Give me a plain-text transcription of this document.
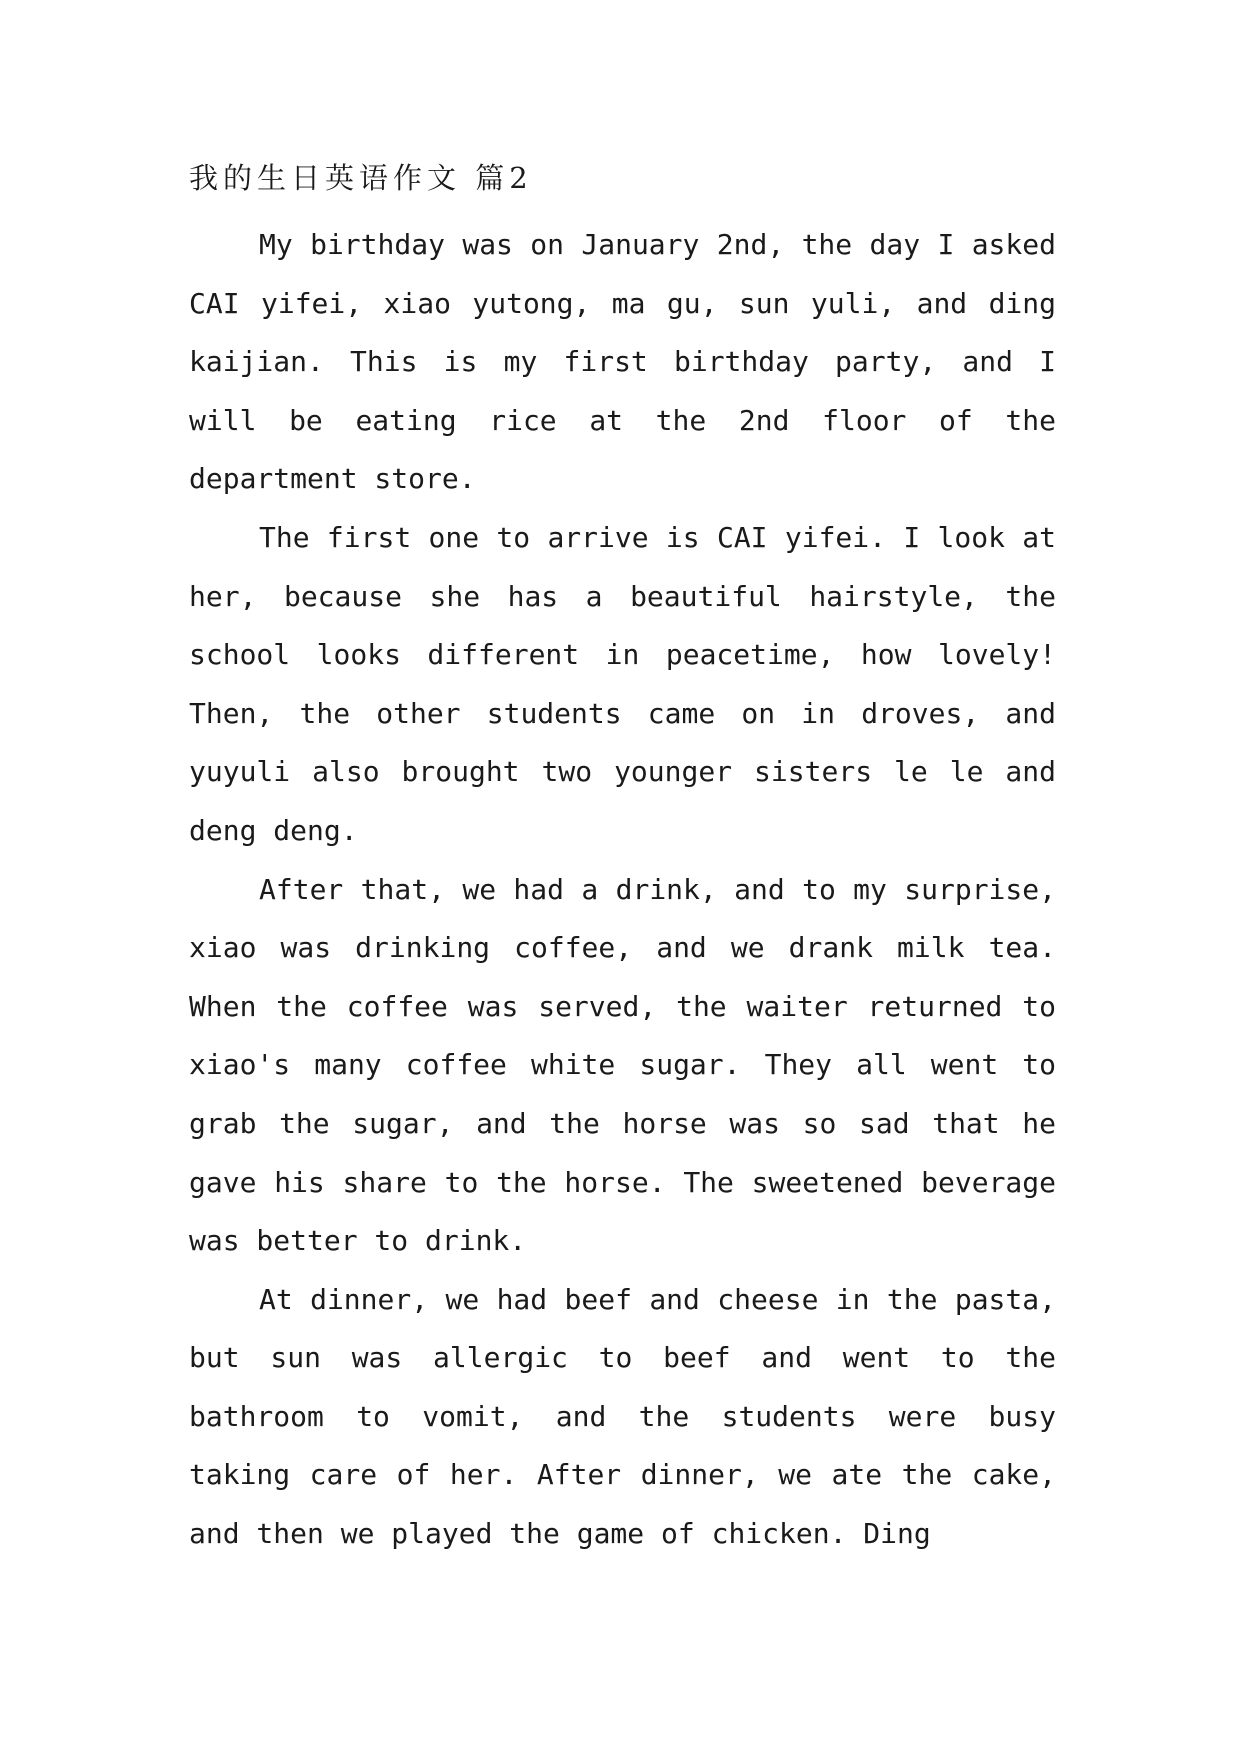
我的生日英语作文 篇2

My birthday was on January 2nd, the day I asked CAI yifei, xiao yutong, ma gu, sun yuli, and ding kaijian. This is my first birthday party, and I will be eating rice at the 2nd floor of the department store.

The first one to arrive is CAI yifei. I look at her, because she has a beautiful hairstyle, the school looks different in peacetime, how lovely! Then, the other students came on in droves, and yuyuli also brought two younger sisters le le and deng deng.

After that, we had a drink, and to my surprise, xiao was drinking coffee, and we drank milk tea. When the coffee was served, the waiter returned to xiao's many coffee white sugar. They all went to grab the sugar, and the horse was so sad that he gave his share to the horse. The sweetened beverage was better to drink.

At dinner, we had beef and cheese in the pasta, but sun was allergic to beef and went to the bathroom to vomit, and the students were busy taking care of her. After dinner, we ate the cake, and then we played the game of chicken. Ding
